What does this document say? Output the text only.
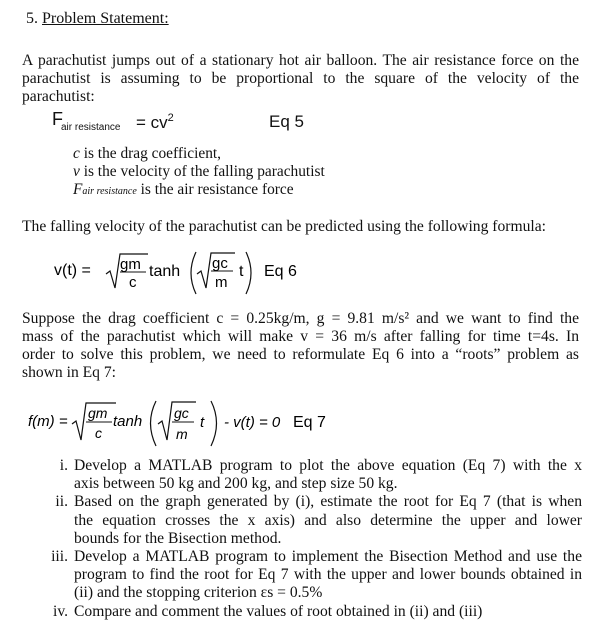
5. Problem Statement:
A parachutist jumps out of a stationary hot air balloon. The air resistance force on the
parachutist is assuming to be proportional to the square of the velocity of the
parachutist:
F
air resistance = $cv^2$	Eq 5
c is the drag coefficient,
v is the velocity of the falling parachutist
Fair resistance is the air resistance force
The falling velocity of the parachutist can be predicted using the following formula:
v(t) = gm
c
tanh gc
m
t Eq 6
Suppose the drag coefficient c = 0.25kg/m, g = 9.81 m/s² and we want to find the
mass of the parachutist which will make v = 36 m/s after falling for time t=4s. In
order to solve this problem, we need to reformulate Eq 6 into a “roots” problem as
shown in Eq 7:
f(m) = gm
c
tanh gc
m
t - v(t) = 0 Eq 7
i. Develop a MATLAB program to plot the above equation (Eq 7) with the x
axis between 50 kg and 200 kg, and step size 50 kg.
ii. Based on the graph generated by (i), estimate the root for Eq 7 (that is when
the equation crosses the x axis) and also determine the upper and lower
bounds for the Bisection method.
iii. Develop a MATLAB program to implement the Bisection Method and use the
program to find the root for Eq 7 with the upper and lower bounds obtained in
(ii) and the stopping criterion εs = 0.5%
iv. Compare and comment the values of root obtained in (ii) and (iii)
